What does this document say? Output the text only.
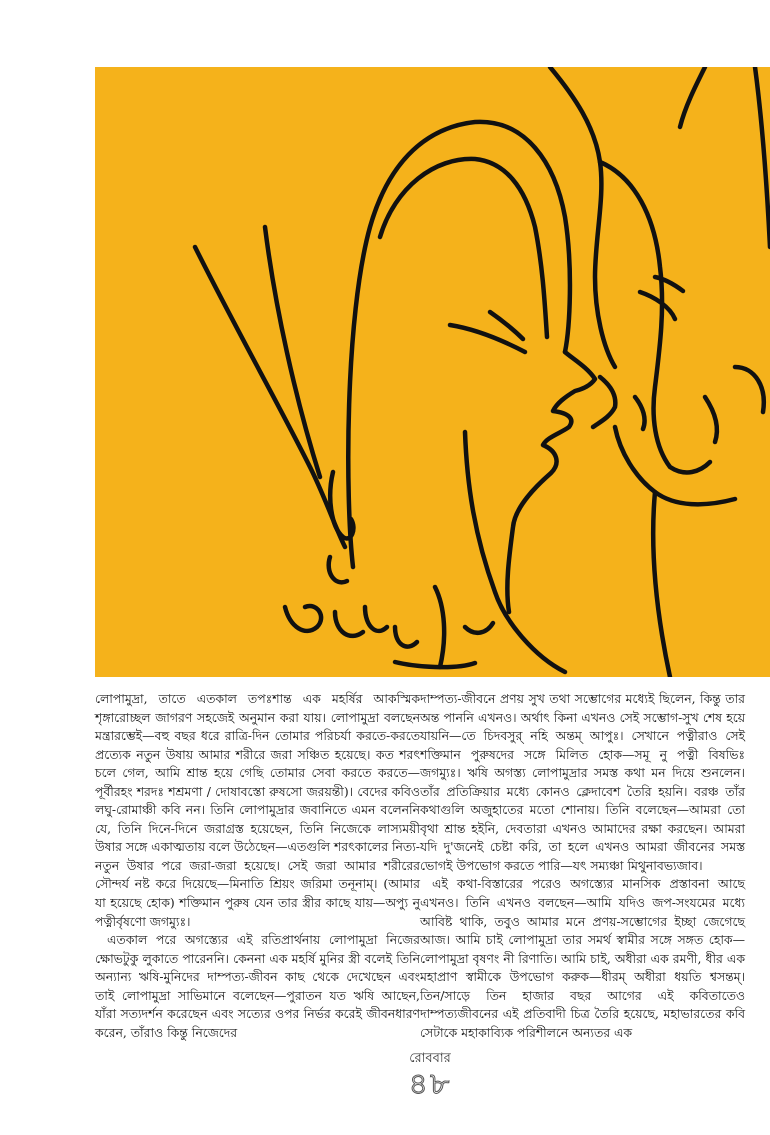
লোপামুদ্রা, তাতে এতকাল তপঃশান্ত এক মহর্ষির আকস্মিক শৃঙ্গারোচ্ছল জাগরণ সহজেই অনুমান করা যায়। লোপামুদ্রা বলছেন মন্ত্রারম্ভেই—বহু বছর ধরে রাত্রি-দিন তোমার পরিচর্যা করতে-করতে প্রত্যেক নতুন উষায় আমার শরীরে জরা সঞ্চিত হয়েছে। কত শরৎ চলে গেল, আমি শ্রান্ত হয়ে গেছি তোমার সেবা করতে করতে—পূর্বীরহং শরদঃ শশ্রমণা / দোষাবস্তো রুষসো জরয়ন্তী)। বেদের কবিও লঘু-রোমাঞ্চী কবি নন। তিনি লোপামুদ্রার জবানিতে এমন বলেননি যে, তিনি দিনে-দিনে জরাগ্রস্ত হয়েছেন, তিনি নিজেকে লাস্যময়ী উষার সঙ্গে একাত্মতায় বলে উঠেছেন—এতগুলি শরৎকালের নিত্য-নতুন উষার পরে জরা-জরা হয়েছে। সেই জরা আমার শরীরের সৌন্দর্য নষ্ট করে দিয়েছে—মিনাতি শ্রিয়ং জরিমা তনূনাম্। (আমার যা হয়েছে হোক) শক্তিমান পুরুষ যেন তার স্ত্রীর কাছে যায়—অপ্যু নু পত্নীর্বৃষণো জগম্যুঃ।

এতকাল পরে অগস্ত্যের এই রতিপ্রার্থনায় লোপামুদ্রা নিজের ক্ষোভটুকু লুকাতে পারেননি। কেননা এক মহর্ষি মুনির স্ত্রী বলেই তিনি অন্যান্য ঋষি-মুনিদের দাম্পত্য-জীবন কাছ থেকে দেখেছেন এবং তাই লোপামুদ্রা সাভিমানে বলেছেন—পুরাতন যত ঋষি আছেন, যাঁরা সত্যদর্শন করেছেন এবং সত্যের ওপর নির্ভর করেই জীবনধারণ করেন, তাঁরাও কিন্তু নিজেদের

দাম্পত্য-জীবনে প্রণয় সুখ তথা সম্ভোগের মধ্যেই ছিলেন, কিন্তু তার অন্ত পাননি এখনও। অর্থাৎ কিনা এখনও সেই সম্ভোগ-সুখ শেষ হয়ে যায়নি—তে চিদবসুর্ নহি অন্তম্ আপুঃ। সেখানে পত্নীরাও সেই শক্তিমান পুরুষদের সঙ্গে মিলিত হোক—সমূ নু পত্নী বিষভিঃ জগম্যুঃ। ঋষি অগস্ত্য লোপামুদ্রার সমস্ত কথা মন দিয়ে শুনলেন। তাঁর প্রতিক্রিয়ার মধ্যে কোনও ক্লেদাবেশ তৈরি হয়নি। বরঞ্চ তাঁর কথাগুলি অজুহাতের মতো শোনায়। তিনি বলেছেন—আমরা তো বৃথা শ্রান্ত হইনি, দেবতারা এখনও আমাদের রক্ষা করছেন। আমরা যদি দু'জনেই চেষ্টা করি, তা হলে এখনও আমরা জীবনের সমস্ত ভোগই উপভোগ করতে পারি—যৎ সম্যঞ্চা মিথুনাবভ্যজাব।

এই কথা-বিস্তারের পরেও অগস্ত্যের মানসিক প্রস্তাবনা আছে এখনও। তিনি এখনও বলছেন—আমি যদিও জপ-সংযমের মধ্যে আবিষ্ট থাকি, তবুও আমার মনে প্রণয়-সম্ভোগের ইচ্ছা জেগেছে আজ। আমি চাই লোপামুদ্রা তার সমর্থ স্বামীর সঙ্গে সঙ্গত হোক—লোপামুদ্রা বৃষণং নী রিণাতি। আমি চাই, অধীরা এক রমণী, ধীর এক মহাপ্রাণ স্বামীকে উপভোগ করুক—ধীরম্ অধীরা ধয়তি শ্বসন্তম্। তিন/সাড়ে তিন হাজার বছর আগের এই কবিতাতেও দাম্পত্যজীবনের এই প্রতিবাদী চিত্র তৈরি হয়েছে, মহাভারতের কবি সেটাকে মহাকাব্যিক পরিশীলনে অন্যতর এক

রোববার
৪৮
